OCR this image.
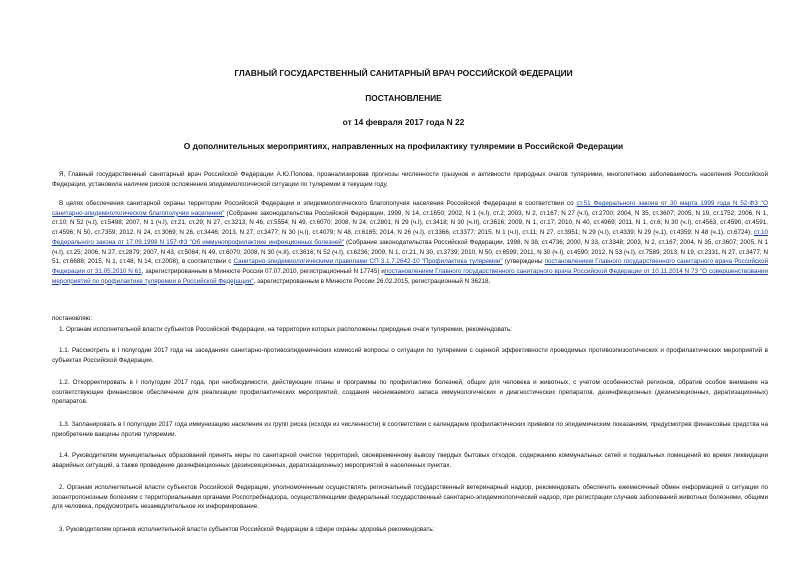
ГЛАВНЫЙ ГОСУДАРСТВЕННЫЙ САНИТАРНЫЙ ВРАЧ РОССИЙСКОЙ ФЕДЕРАЦИИ
ПОСТАНОВЛЕНИЕ
от 14 февраля 2017 года N 22
О дополнительных мероприятиях, направленных на профилактику туляремии в Российской Федерации

Я, Главный государственный санитарный врач Российской Федерации А.Ю.Попова, проанализировав прогнозы численности грызунов и активности природных очагов туляремии, многолетнюю заболеваемость населения Российской Федерации, установила наличие рисков осложнения эпидемиологической ситуации по туляремии в текущем году.

В целях обеспечения санитарной охраны территории Российской Федерации и эпидемиологического благополучия населения Российской Федерации в соответствии со ст.51 Федерального закона от 30 марта 1999 года N 52-ФЗ "О санитарно-эпидемиологическом благополучии населения" (Собрание законодательства Российской Федерации, 1999, N 14, ст.1650; 2002, N 1 (ч.I), ст.2; 2003, N 2, ст.167; N 27 (ч.I), ст.2700; 2004, N 35, ст.3607; 2005, N 19, ст.1752; 2006, N 1, ст.10; N 52 (ч.I), ст.5498; 2007, N 1 (ч.I), ст.21, ст.29; N 27, ст.3213; N 46, ст.5554; N 49, ст.6070; 2008, N 24, ст.2801; N 29 (ч.I), ст.3418; N 30 (ч.II), ст.3616; 2009, N 1, ст.17; 2010, N 40, ст.4969; 2011, N 1, ст.6; N 30 (ч.I), ст.4563, ст.4590, ст.4591, ст.4596; N 50, ст.7359; 2012, N 24, ст.3069; N 26, ст.3446; 2013, N 27, ст.3477; N 30 (ч.I), ст.4079; N 48, ст.6165; 2014, N 26 (ч.I), ст.3366, ст.3377; 2015, N 1 (ч.I), ст.11; N 27, ст.3951; N 29 (ч.I), ст.4339; N 29 (ч.1), ст.4359; N 48 (ч.1), ст.6724); ст.10 Федерального закона от 17.09.1998 N 157-ФЗ "Об иммунопрофилактике инфекционных болезней" (Собрание законодательства Российской Федерации, 1998, N 38, ст.4736; 2000, N 33, ст.3348; 2003, N 2, ст.167; 2004, N 35, ст.3607; 2005, N 1 (ч.I), ст.25; 2006, N 27, ст.2879; 2007, N 43, ст.5084; N 49, ст.6070; 2008, N 30 (ч.II), ст.3616; N 52 (ч.I), ст.6236; 2009, N 1, ст.21, N 30, ст.3739; 2010, N 50, ст.6599; 2011, N 30 (ч.I), ст.4590; 2012, N 53 (ч.I), ст.7589; 2013, N 19, ст.2331, N 27, ст.3477; N 51, ст.6688; 2015, N 1, ст.48, N 14, ст.2008), в соответствии с Санитарно-эпидемиологическими правилами СП 3.1.7.2642-10 "Профилактика туляремии" (утверждены постановлением Главного государственного санитарного врача Российской Федерации от 31.05.2010 N 61, зарегистрированным в Минюсте России 07.07.2010, регистрационный N 17745) ипостановлением Главного государственного санитарного врача Российской Федерации от 10.11.2014 N 73 "О совершенствовании мероприятий по профилактике туляремии в Российской Федерации", зарегистрированным в Минюсте России 26.02.2015, регистрационный N 36218,

постановляю:

1. Органам исполнительной власти субъектов Российской Федерации, на территории которых расположены природные очаги туляремии, рекомендовать:

1.1. Рассмотреть в I полугодии 2017 года на заседаниях санитарно-противоэпидемических комиссий вопросы о ситуации по туляремии с оценкой эффективности проводимых противоэпизоотических и профилактических мероприятий в субъектах Российской Федерации.

1.2. Откорректировать в I полугодии 2017 года, при необходимости, действующие планы и программы по профилактике болезней, общих для человека и животных, с учетом особенностей регионов, обратив особое внимание на соответствующее финансовое обеспечение для реализации профилактических мероприятий, создания неснижаемого запаса иммунологических и диагностических препаратов, дезинфекционных (дезинсекционных, дератизационных) препаратов.

1.3. Запланировать в I полугодии 2017 года иммунизацию населения из групп риска (исходя из численности) в соответствии с календарем профилактических прививок по эпидемическим показаниям, предусмотрев финансовые средства на приобретение вакцины против туляремии.

1.4. Руководителям муниципальных образований принять меры по санитарной очистке территорий, своевременному вывозу твердых бытовых отходов, содержанию коммунальных сетей и подвальных помещений во время ликвидации аварийных ситуаций, а также проведение дезинфекционных (дезинсекционных, дератизационных) мероприятий в населенных пунктах.

2. Органам исполнительной власти субъектов Российской Федерации, уполномоченным осуществлять региональный государственный ветеринарный надзор, рекомендовать обеспечить ежемесячный обмен информацией о ситуации по зооантропонозным болезням с территориальными органами Роспотребнадзора, осуществляющими федеральный государственный санитарно-эпидемиологический надзор, при регистрации случаев заболеваний животных болезнями, общими для человека, предусмотреть незамедлительное их информирование.

3. Руководителям органов исполнительной власти субъектов Российской Федерации в сфере охраны здоровья рекомендовать:
